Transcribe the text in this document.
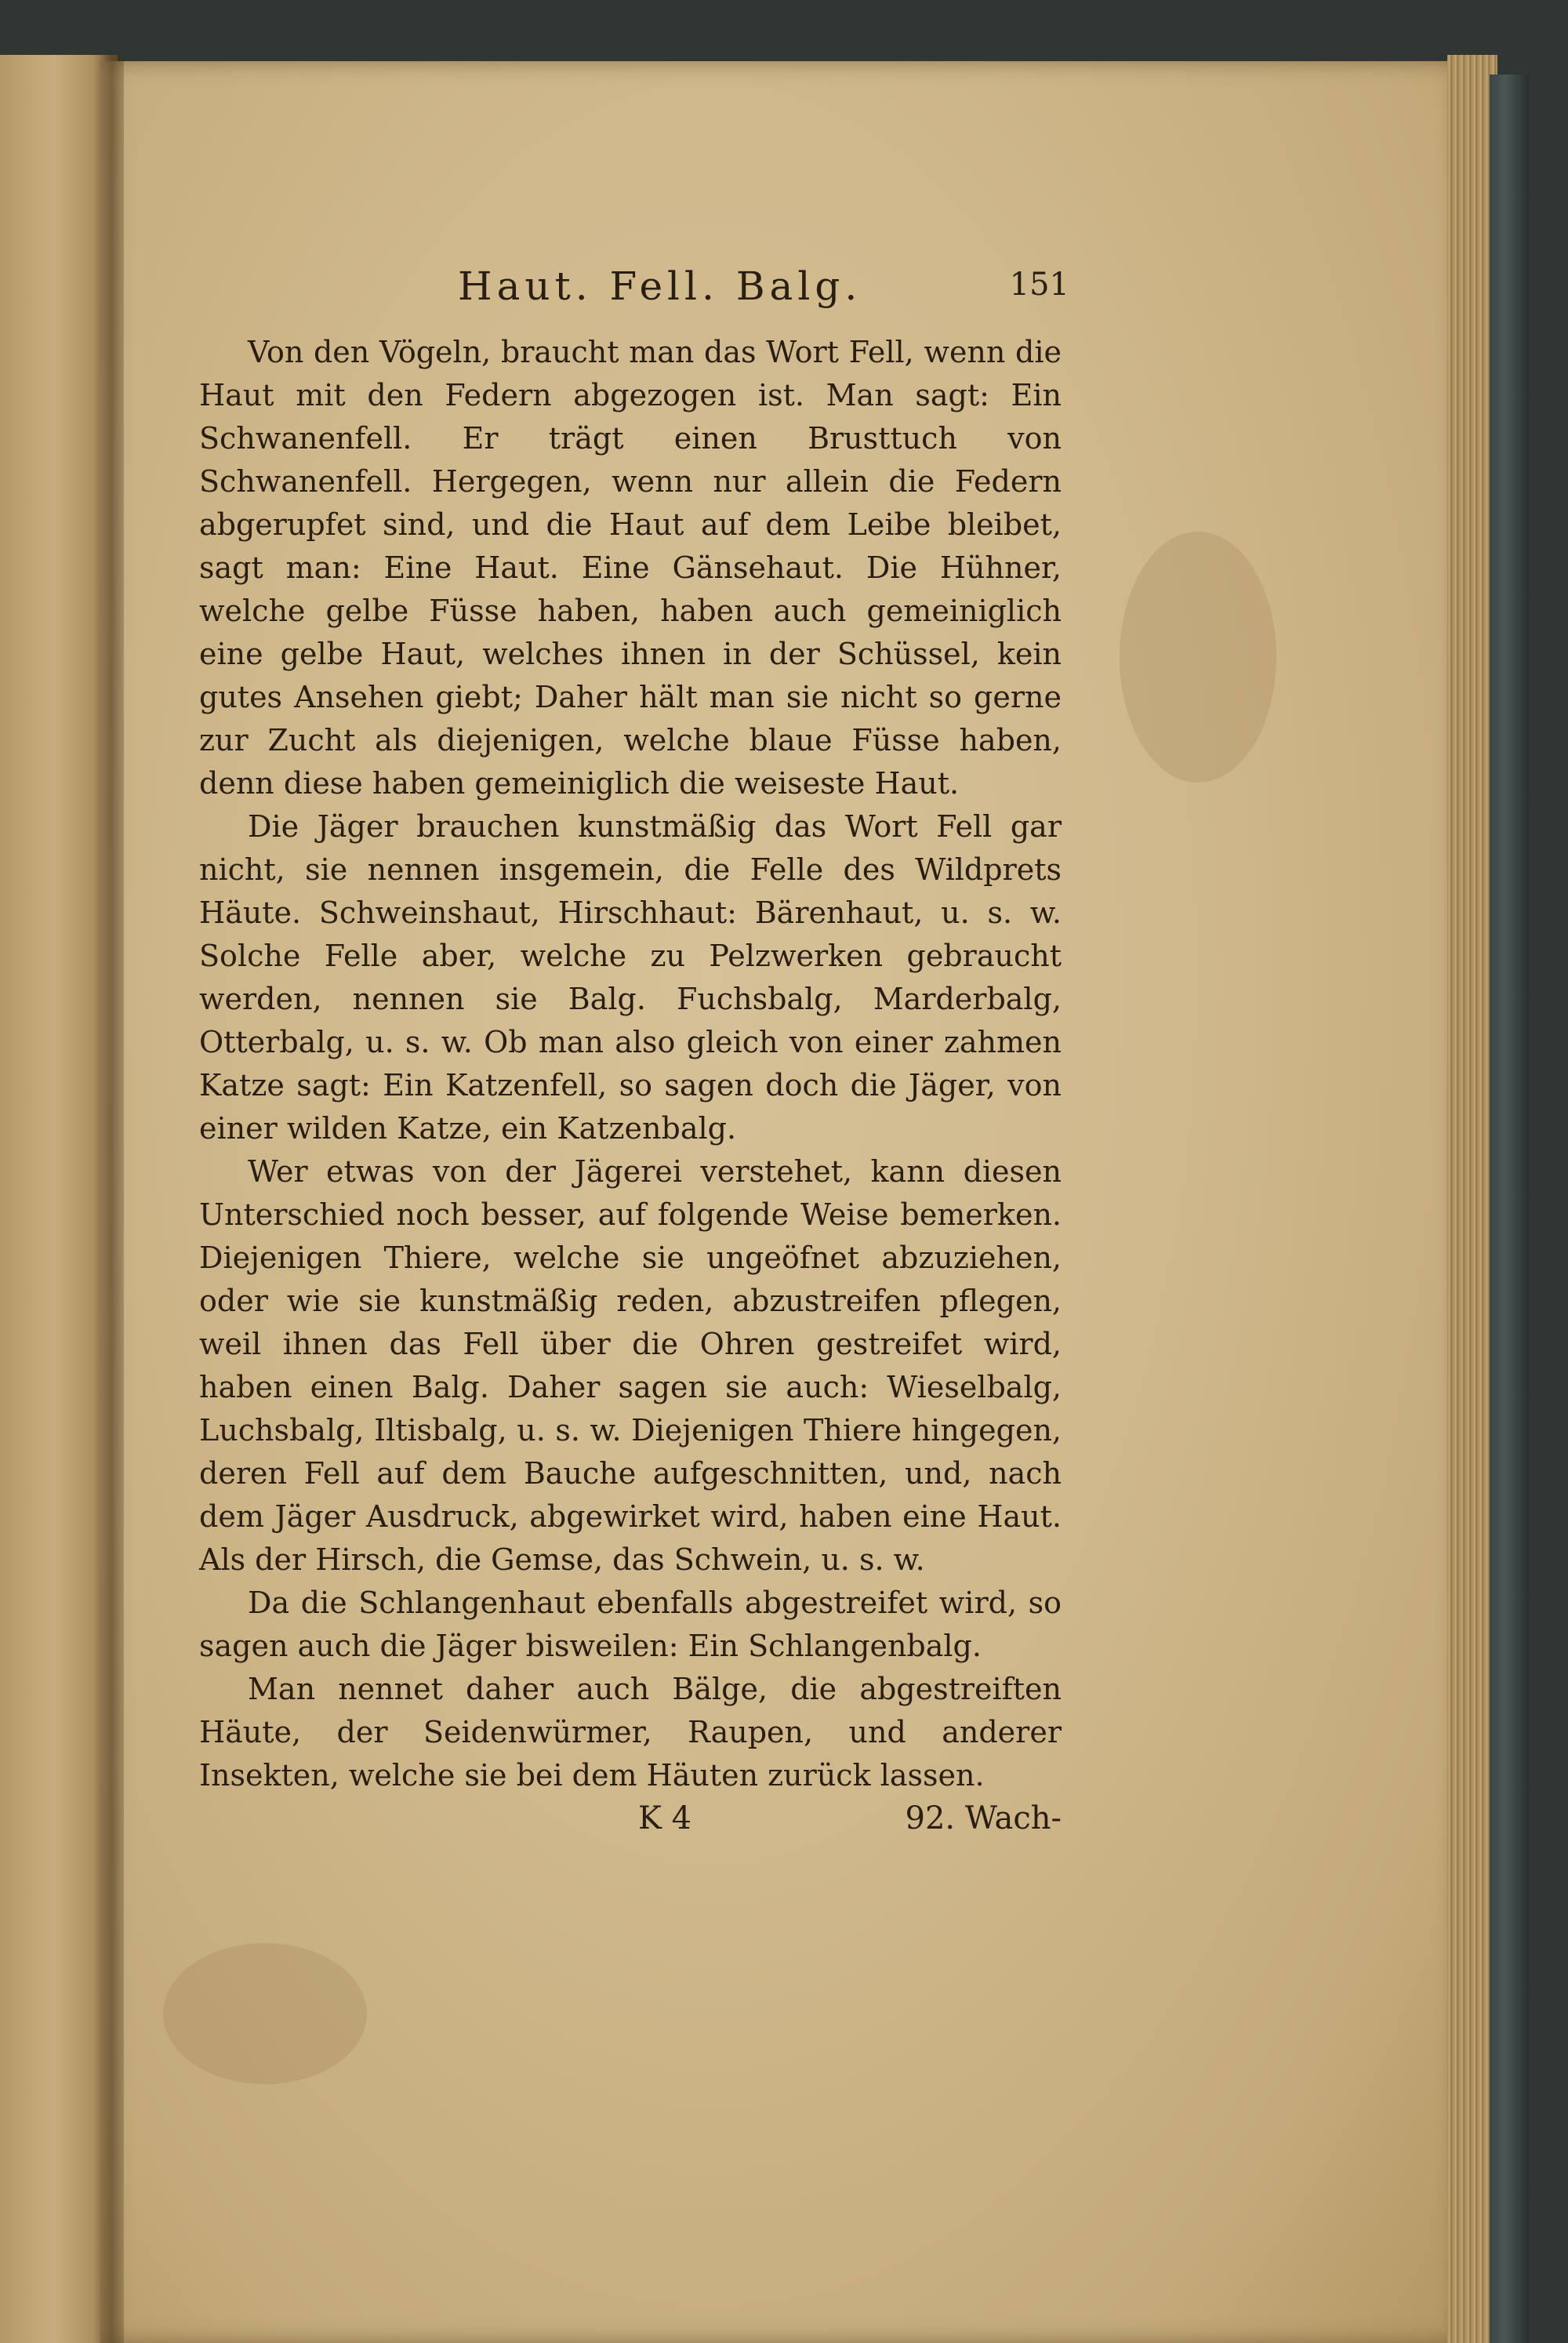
Haut. Fell. Balg.	151

Von den Vögeln, braucht man das Wort Fell, wenn die Haut mit den Federn abgezogen ist. Man sagt: Ein Schwanenfell. Er trägt einen Brusttuch von Schwanenfell. Hergegen, wenn nur allein die Federn abgerupfet sind, und die Haut auf dem Leibe bleibet, sagt man: Eine Haut. Eine Gänsehaut. Die Hühner, welche gelbe Füsse haben, haben auch gemeiniglich eine gelbe Haut, welches ihnen in der Schüssel, kein gutes Ansehen giebt; Daher hält man sie nicht so gerne zur Zucht als diejenigen, welche blaue Füsse haben, denn diese haben gemeiniglich die weiseste Haut.

Die Jäger brauchen kunstmäßig das Wort Fell gar nicht, sie nennen insgemein, die Felle des Wildprets Häute. Schweinshaut, Hirschhaut: Bärenhaut, u. s. w. Solche Felle aber, welche zu Pelzwerken gebraucht werden, nennen sie Balg. Fuchsbalg, Marderbalg, Otterbalg, u. s. w. Ob man also gleich von einer zahmen Katze sagt: Ein Katzenfell, so sagen doch die Jäger, von einer wilden Katze, ein Katzenbalg.

Wer etwas von der Jägerei verstehet, kann diesen Unterschied noch besser, auf folgende Weise bemerken. Diejenigen Thiere, welche sie ungeöfnet abzuziehen, oder wie sie kunstmäßig reden, abzustreifen pflegen, weil ihnen das Fell über die Ohren gestreifet wird, haben einen Balg. Daher sagen sie auch: Wieselbalg, Luchsbalg, Iltisbalg, u. s. w. Diejenigen Thiere hingegen, deren Fell auf dem Bauche aufgeschnitten, und, nach dem Jäger Ausdruck, abgewirket wird, haben eine Haut. Als der Hirsch, die Gemse, das Schwein, u. s. w.

Da die Schlangenhaut ebenfalls abgestreifet wird, so sagen auch die Jäger bisweilen: Ein Schlangenbalg.

Man nennet daher auch Bälge, die abgestreiften Häute, der Seidenwürmer, Raupen, und anderer Insekten, welche sie bei dem Häuten zurück lassen.

K 4	92. Wach-
